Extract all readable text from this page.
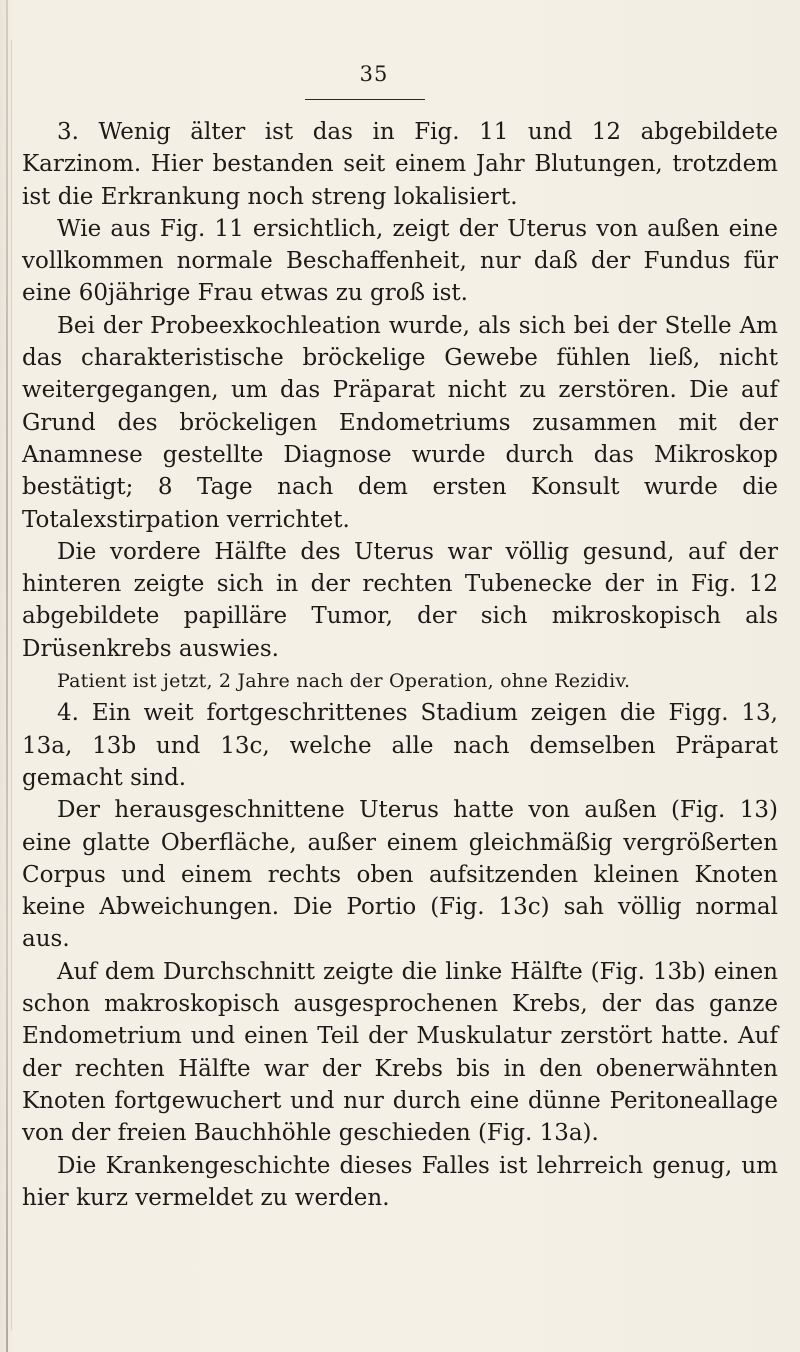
35

3. Wenig älter ist das in Fig. 11 und 12 abgebildete Karzinom. Hier bestanden seit einem Jahr Blutungen, trotzdem ist die Erkrankung noch streng lokalisiert.

Wie aus Fig. 11 ersichtlich, zeigt der Uterus von außen eine vollkommen normale Beschaffenheit, nur daß der Fundus für eine 60jährige Frau etwas zu groß ist.

Bei der Probeexkochleation wurde, als sich bei der Stelle Am das charakteristische bröckelige Gewebe fühlen ließ, nicht weitergegangen, um das Präparat nicht zu zerstören. Die auf Grund des bröckeligen Endometriums zusammen mit der Anamnese gestellte Diagnose wurde durch das Mikroskop bestätigt; 8 Tage nach dem ersten Konsult wurde die Totalexstirpation verrichtet.

Die vordere Hälfte des Uterus war völlig gesund, auf der hinteren zeigte sich in der rechten Tubenecke der in Fig. 12 abgebildete papilläre Tumor, der sich mikroskopisch als Drüsenkrebs auswies.

Patient ist jetzt, 2 Jahre nach der Operation, ohne Rezidiv.

4. Ein weit fortgeschrittenes Stadium zeigen die Figg. 13, 13a, 13b und 13c, welche alle nach demselben Präparat gemacht sind.

Der herausgeschnittene Uterus hatte von außen (Fig. 13) eine glatte Oberfläche, außer einem gleichmäßig vergrößerten Corpus und einem rechts oben aufsitzenden kleinen Knoten keine Abweichungen. Die Portio (Fig. 13c) sah völlig normal aus.

Auf dem Durchschnitt zeigte die linke Hälfte (Fig. 13b) einen schon makroskopisch ausgesprochenen Krebs, der das ganze Endometrium und einen Teil der Muskulatur zerstört hatte. Auf der rechten Hälfte war der Krebs bis in den obenerwähnten Knoten fortgewuchert und nur durch eine dünne Peritoneallage von der freien Bauchhöhle geschieden (Fig. 13a).

Die Krankengeschichte dieses Falles ist lehrreich genug, um hier kurz vermeldet zu werden.
